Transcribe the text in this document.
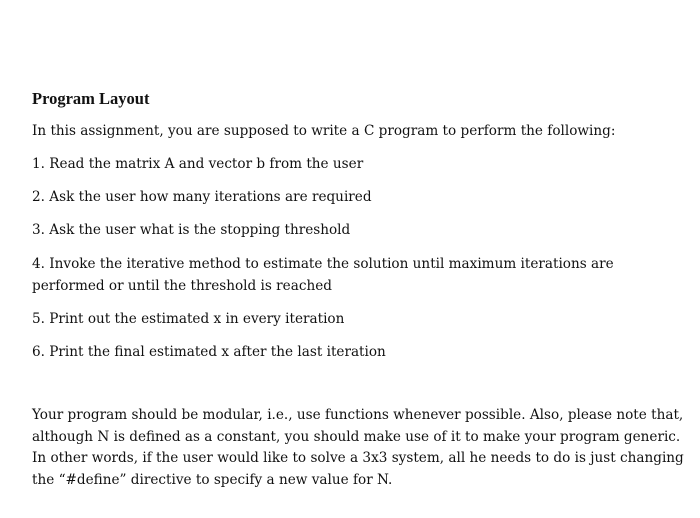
Program Layout

In this assignment, you are supposed to write a C program to perform the following:

1. Read the matrix A and vector b from the user

2. Ask the user how many iterations are required

3. Ask the user what is the stopping threshold

4. Invoke the iterative method to estimate the solution until maximum iterations are performed or until the threshold is reached

5. Print out the estimated x in every iteration

6. Print the final estimated x after the last iteration

Your program should be modular, i.e., use functions whenever possible. Also, please note that, although N is defined as a constant, you should make use of it to make your program generic. In other words, if the user would like to solve a 3x3 system, all he needs to do is just changing the “#define” directive to specify a new value for N.
